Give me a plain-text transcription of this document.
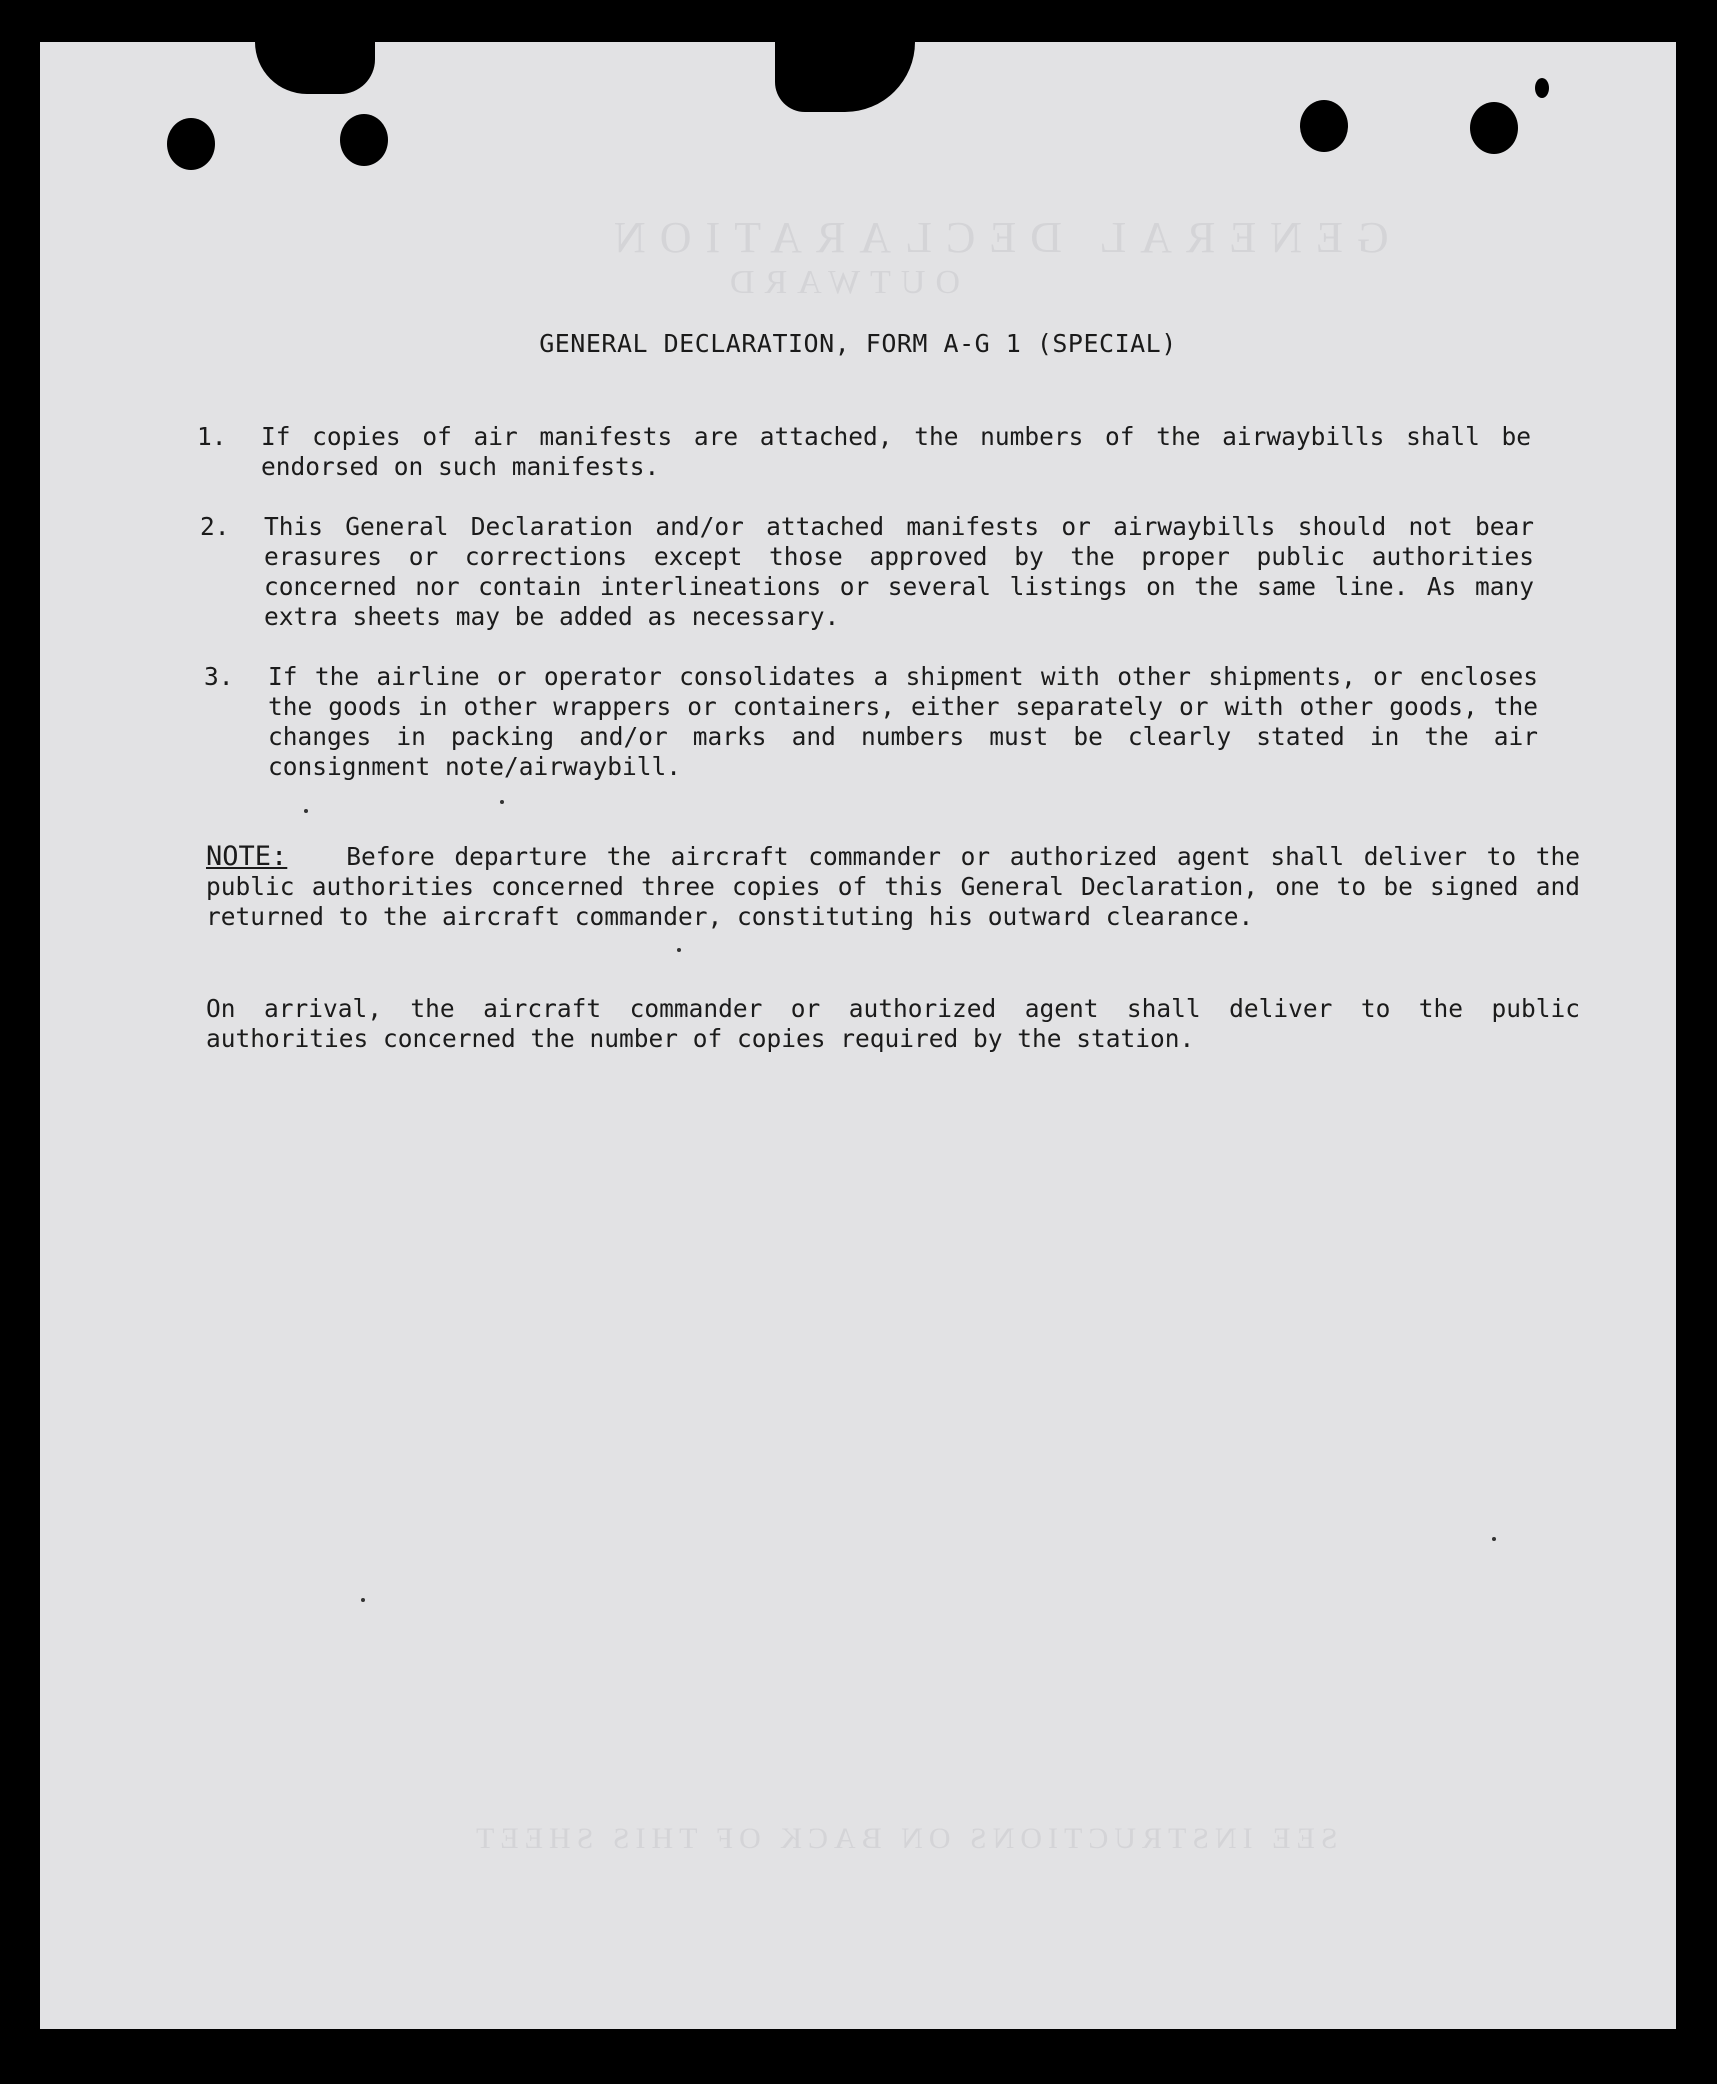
GENERAL DECLARATION
OUTWARD
SEE INSTRUCTIONS ON BACK OF THIS SHEET
GENERAL DECLARATION, FORM A-G 1 (SPECIAL)
1. If copies of air manifests are attached, the numbers of the airwaybills shall be endorsed on such manifests.
2. This General Declaration and/or attached manifests or airwaybills should not bear erasures or corrections except those approved by the proper public authorities concerned nor contain interlineations or several listings on the same line. As many extra sheets may be added as necessary.
3. If the airline or operator consolidates a shipment with other shipments, or encloses the goods in other wrappers or containers, either separately or with other goods, the changes in packing and/or marks and numbers must be clearly stated in the air consignment note/airwaybill.
NOTE: Before departure the aircraft commander or authorized agent shall deliver to the public authorities concerned three copies of this General Declaration, one to be signed and returned to the aircraft commander, constituting his outward clearance.
On arrival, the aircraft commander or authorized agent shall deliver to the public authorities concerned the number of copies required by the station.
